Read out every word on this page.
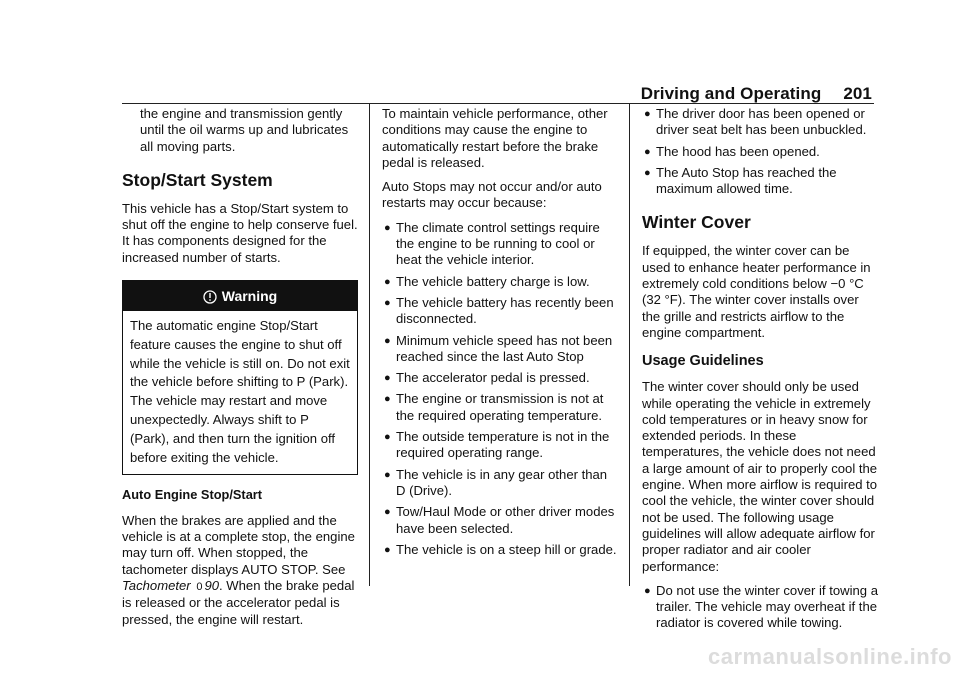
Driving and Operating 201

the engine and transmission gently until the oil warms up and lubricates all moving parts.

Stop/Start System

This vehicle has a Stop/Start system to shut off the engine to help conserve fuel. It has components designed for the increased number of starts.

Warning
The automatic engine Stop/Start feature causes the engine to shut off while the vehicle is still on. Do not exit the vehicle before shifting to P (Park). The vehicle may restart and move unexpectedly. Always shift to P (Park), and then turn the ignition off before exiting the vehicle.
Auto Engine Stop/Start

When the brakes are applied and the vehicle is at a complete stop, the engine may turn off. When stopped, the tachometer displays AUTO STOP. See Tachometer 0 90. When the brake pedal is released or the accelerator pedal is pressed, the engine will restart.

To maintain vehicle performance, other conditions may cause the engine to automatically restart before the brake pedal is released.

Auto Stops may not occur and/or auto restarts may occur because:

● The climate control settings require the engine to be running to cool or heat the vehicle interior.
● The vehicle battery charge is low.
● The vehicle battery has recently been disconnected.
● Minimum vehicle speed has not been reached since the last Auto Stop
● The accelerator pedal is pressed.
● The engine or transmission is not at the required operating temperature.
● The outside temperature is not in the required operating range.
● The vehicle is in any gear other than D (Drive).
● Tow/Haul Mode or other driver modes have been selected.
● The vehicle is on a steep hill or grade.
● The driver door has been opened or driver seat belt has been unbuckled.
● The hood has been opened.
● The Auto Stop has reached the maximum allowed time.
Winter Cover

If equipped, the winter cover can be used to enhance heater performance in extremely cold conditions below −0 °C (32 °F). The winter cover installs over the grille and restricts airflow to the engine compartment.

Usage Guidelines

The winter cover should only be used while operating the vehicle in extremely cold temperatures or in heavy snow for extended periods. In these temperatures, the vehicle does not need a large amount of air to properly cool the engine. When more airflow is required to cool the vehicle, the winter cover should not be used. The following usage guidelines will allow adequate airflow for proper radiator and air cooler performance:

● Do not use the winter cover if towing a trailer. The vehicle may overheat if the radiator is covered while towing.
carmanualsonline.info
